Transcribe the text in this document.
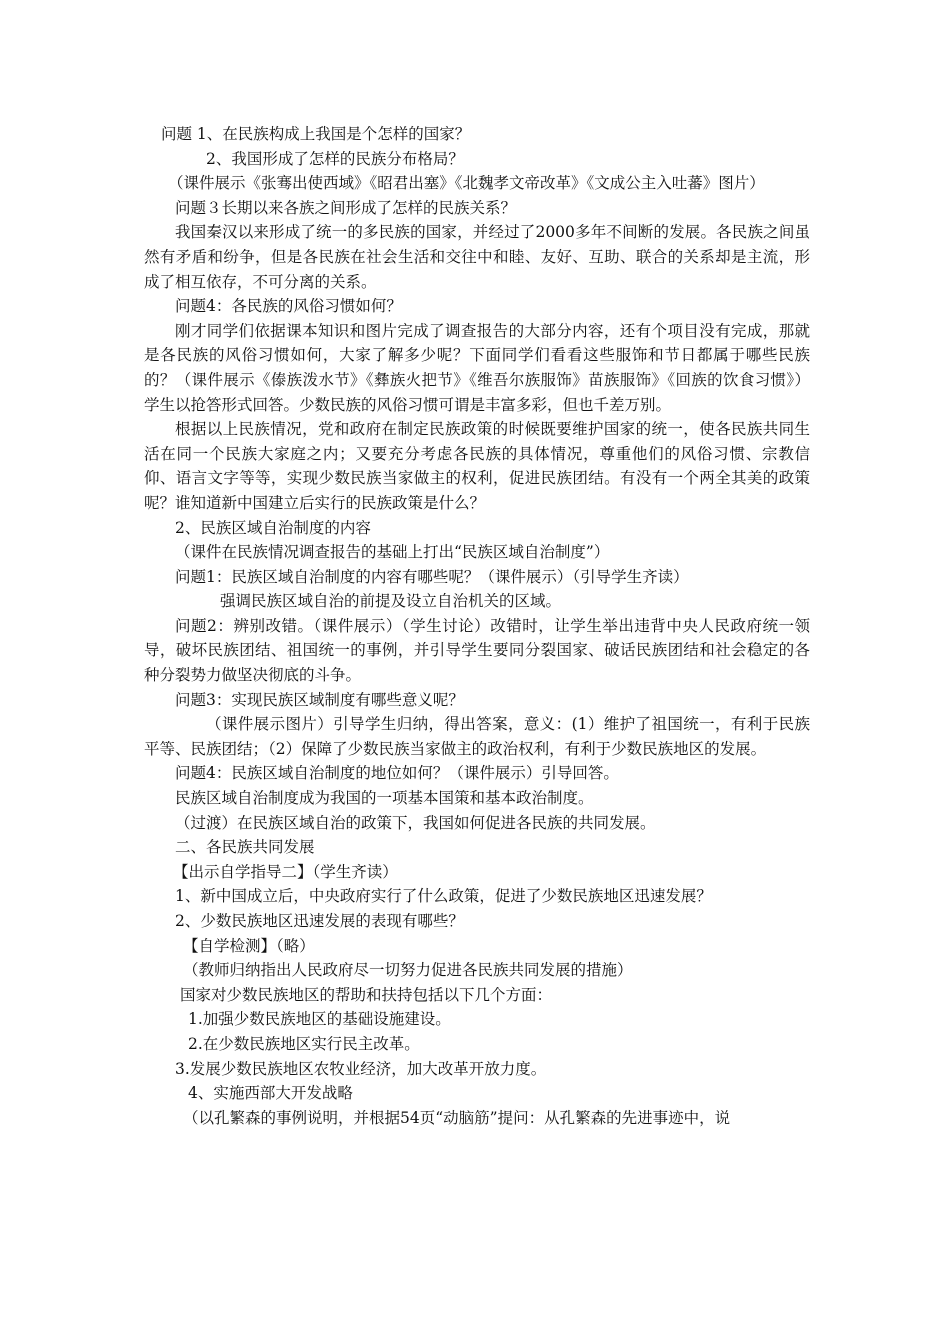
问题 1、在民族构成上我国是个怎样的国家？

2、我国形成了怎样的民族分布格局？

（课件展示《张骞出使西域》《昭君出塞》《北魏孝文帝改革》《文成公主入吐蕃》图片）

问题３长期以来各族之间形成了怎样的民族关系？

我国秦汉以来形成了统一的多民族的国家，并经过了2000多年不间断的发展。各民族之间虽然有矛盾和纷争，但是各民族在社会生活和交往中和睦、友好、互助、联合的关系却是主流，形成了相互依存，不可分离的关系。

问题4：各民族的风俗习惯如何？

刚才同学们依据课本知识和图片完成了调查报告的大部分内容，还有个项目没有完成，那就是各民族的风俗习惯如何，大家了解多少呢？下面同学们看看这些服饰和节日都属于哪些民族的？（课件展示《傣族泼水节》《彝族火把节》《维吾尔族服饰》苗族服饰》《回族的饮食习惯》）学生以抢答形式回答。少数民族的风俗习惯可谓是丰富多彩，但也千差万别。

根据以上民族情况，党和政府在制定民族政策的时候既要维护国家的统一，使各民族共同生活在同一个民族大家庭之内；又要充分考虑各民族的具体情况，尊重他们的风俗习惯、宗教信仰、语言文字等等，实现少数民族当家做主的权利，促进民族团结。有没有一个两全其美的政策呢？谁知道新中国建立后实行的民族政策是什么？

2、民族区域自治制度的内容

（课件在民族情况调查报告的基础上打出“民族区域自治制度”）

问题1：民族区域自治制度的内容有哪些呢？（课件展示）（引导学生齐读）

强调民族区域自治的前提及设立自治机关的区域。

问题2：辨别改错。（课件展示）（学生讨论）改错时，让学生举出违背中央人民政府统一领导，破坏民族团结、祖国统一的事例，并引导学生要同分裂国家、破话民族团结和社会稳定的各种分裂势力做坚决彻底的斗争。

问题3：实现民族区域制度有哪些意义呢？

（课件展示图片）引导学生归纳，得出答案，意义：(1）维护了祖国统一，有利于民族平等、民族团结；（2）保障了少数民族当家做主的政治权利，有利于少数民族地区的发展。

问题4：民族区域自治制度的地位如何？（课件展示）引导回答。

民族区域自治制度成为我国的一项基本国策和基本政治制度。

（过渡）在民族区域自治的政策下，我国如何促进各民族的共同发展。

二、各民族共同发展

【出示自学指导二】（学生齐读）

1、新中国成立后，中央政府实行了什么政策，促进了少数民族地区迅速发展？

2、少数民族地区迅速发展的表现有哪些？

【自学检测】（略）

（教师归纳指出人民政府尽一切努力促进各民族共同发展的措施）

国家对少数民族地区的帮助和扶持包括以下几个方面：

1.加强少数民族地区的基础设施建设。

2.在少数民族地区实行民主改革。

3.发展少数民族地区农牧业经济，加大改革开放力度。

4、实施西部大开发战略

（以孔繁森的事例说明，并根据54页“动脑筋”提问：从孔繁森的先进事迹中，说
